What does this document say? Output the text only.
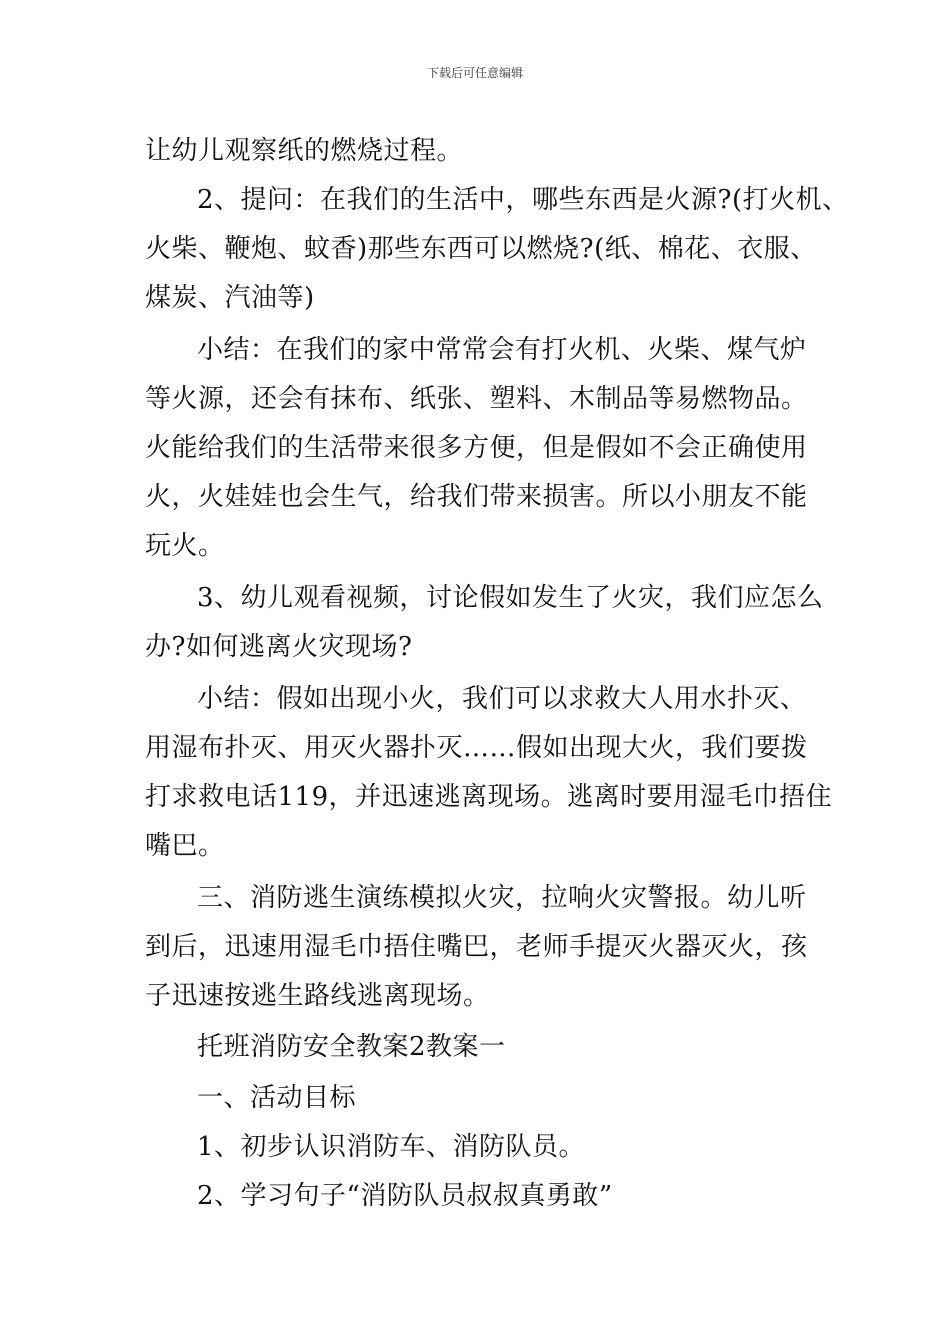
下载后可任意编辑
让幼儿观察纸的燃烧过程。
2、提问：在我们的生活中，哪些东西是火源?(打火机、
火柴、鞭炮、蚊香)那些东西可以燃烧?(纸、棉花、衣服、
煤炭、汽油等)
小结：在我们的家中常常会有打火机、火柴、煤气炉
等火源，还会有抹布、纸张、塑料、木制品等易燃物品。
火能给我们的生活带来很多方便，但是假如不会正确使用
火，火娃娃也会生气，给我们带来损害。所以小朋友不能
玩火。
3、幼儿观看视频，讨论假如发生了火灾，我们应怎么
办?如何逃离火灾现场?
小结：假如出现小火，我们可以求救大人用水扑灭、
用湿布扑灭、用灭火器扑灭……假如出现大火，我们要拨
打求救电话119，并迅速逃离现场。逃离时要用湿毛巾捂住
嘴巴。
三、消防逃生演练模拟火灾，拉响火灾警报。幼儿听
到后，迅速用湿毛巾捂住嘴巴，老师手提灭火器灭火，孩
子迅速按逃生路线逃离现场。
托班消防安全教案2教案一
一、活动目标
1、初步认识消防车、消防队员。
2、学习句子“消防队员叔叔真勇敢”
